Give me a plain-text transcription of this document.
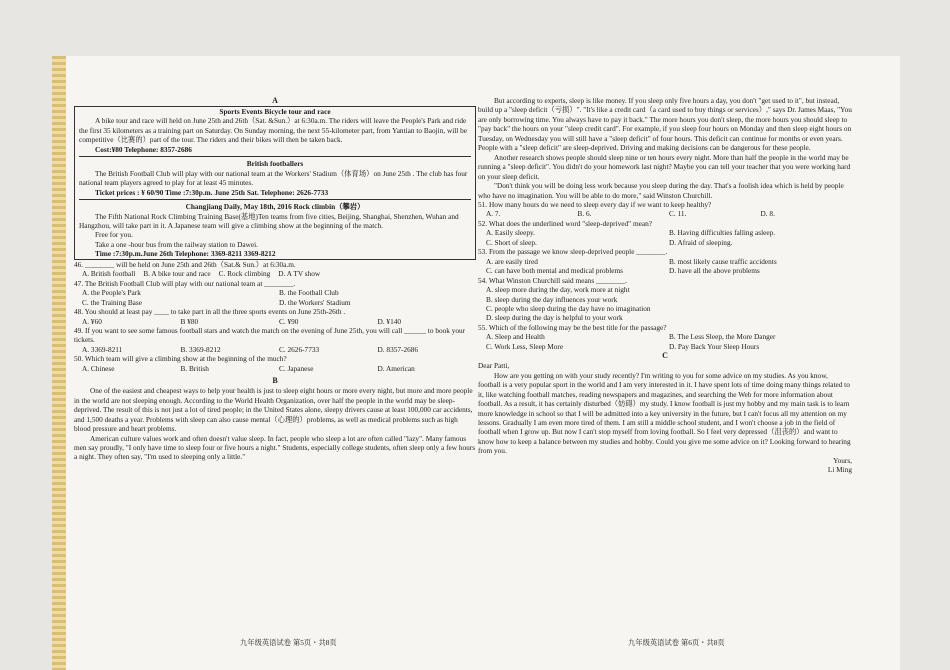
A

Sports Events Bicycle tour and race

A bike tour and race will held on June 25th and 26th（Sat. &Sun.）at 6:30a.m. The riders will leave the People's Park and ride the first 35 kilometers as a training part on Saturday. On Sunday morning, the next 55-kilometer part, from Yantian to Baojin, will be competitive（比赛的）part of the tour. The riders and their bikes will then be taken back.

Cost:¥80 Telephone: 8357-2686

British footballers

The British Football Club will play with our national team at the Workers' Stadium（体育场）on June 25th . The club has four national team players agreed to play for at least 45 minutes.

Ticket prices : ¥ 60/90 Time :7:30p.m. June 25th Sat. Telephone: 2626-7733

Changjiang Daily, May 18th, 2016 Rock climbin（攀岩）

The Fifth National Rock Climbing Training Base(基地)Ten teams from five cities, Beijing, Shanghai, Shenzhen, Wuhan and Hangzhou, will take part in it. A Japanese team will give a climbing show at the beginning of the match.

Free for you.

Take a one -hour bus from the railway station to Dawei.

Time :7:30p.m.June 26th Telephone: 3369-8211 3369-8212

46. ________ will be held on June 25th and 26th（Sat.& Sun.）at 6:30a.m.

A. British football B. A bike tour and race C. Rock climbing D. A TV show

47. The British Football Club will play with our national team at ________.

A. the People's Park	B. the Football Club
C. the Training Base	D. the Workers' Stadium

48. You should at least pay ____ to take part in all the three sports events on June 25th-26th .

A. ¥60	B ¥80	C. ¥90	D. ¥140

49. If you want to see some famous football stars and watch the match on the evening of June 25th, you will call ______ to book your tickets.

A. 3369-8211	B. 3369-8212	C. 2626-7733	D. 8357-2686

50. Which team will give a climbing show at the beginning of the much?

A. Chinese	B. British	C. Japanese	D. American
B

One of the easiest and cheapest ways to help your health is just to sleep eight hours or more every night, but more and more people in the world are not sleeping enough. According to the World Health Organization, over half the people in the world may be sleep-deprived. The result of this is not just a lot of tired people; in the United States alone, sleepy drivers cause at least 100,000 car accidents, and 1,500 deaths a year. Problems with sleep can also cause mental（心理的）problems, as well as medical problems such as high blood pressure and heart problems.

American culture values work and often doesn't value sleep. In fact, people who sleep a lot are often called "lazy". Many famous men say proudly, "I only have time to sleep four or five hours a night." Students, especially college students, often sleep only a few hours a night. They often say, "I'm used to sleeping only a little."

But according to experts, sleep is like money. If you sleep only five hours a day, you don't "get used to it", but instead, build up a "sleep deficit（亏损）". "It's like a credit card（a card used to buy things or services）," says Dr. James Maas, "You are only borrowing time. You always have to pay it back." The more hours you don't sleep, the more hours you should sleep to "pay back" the hours on your "sleep credit card". For example, if you sleep four hours on Monday and then sleep eight hours on Tuesday, on Wednesday you will still have a "sleep deficit" of four hours. This deficit can continue for months or even years. People with a "sleep deficit" are sleep-deprived. Driving and making decisions can be dangerous for these people.

Another research shows people should sleep nine or ten hours every night. More than half the people in the world may be running a "sleep deficit". You didn't do your homework last night? Maybe you can tell your teacher that you were working hard on your sleep deficit.

"Don't think you will be doing less work because you sleep during the day. That's a foolish idea which is held by people who have no imagination. You will be able to do more," said Winston Churchill.

51. How many hours do we need to sleep every day if we want to keep healthy?

A. 7.	B. 6.	C. 11.	D. 8.

52. What does the underlined word "sleep-deprived" mean?

A. Easily sleepy.	B. Having difficulties falling asleep.
C. Short of sleep.	D. Afraid of sleeping.

53. From the passage we know sleep-deprived people ________.

A. are easily tired	B. most likely cause traffic accidents
C. can have both mental and medical problems	D. have all the above problems

54. What Winston Churchill said means ________.

A. sleep more during the day, work more at night
B. sleep during the day influences your work
C. people who sleep during the day have no imagination
D. sleep during the day is helpful to your work

55. Which of the following may be the best title for the passage?

A. Sleep and Health	B. The Less Sleep, the More Danger
C. Work Less, Sleep More	D. Pay Back Your Sleep Hours
C

Dear Patti,

How are you getting on with your study recently? I'm writing to you for some advice on my studies. As you know, football is a very popular sport in the world and I am very interested in it. I have spent lots of time doing many things related to it, like watching football matches, reading newspapers and magazines, and searching the Web for more information about football. As a result, it has certainly disturbed（妨碍）my study. I know football is just my hobby and my main task is to learn more knowledge in school so that I will be admitted into a key university in the future, but I can't focus all my attention on my lessons. Gradually I am even more tired of them. I am still a middle school student, and I won't choose a job in the field of football when I grow up. But now I can't stop myself from loving football. So I feel very depressed（沮丧的）and want to know how to keep a balance between my studies and hobby. Could you give me some advice on it? Looking forward to hearing from you.

Yours,

Li Ming

九年级英语试卷 第5页・共8页	九年级英语试卷 第6页・共8页
